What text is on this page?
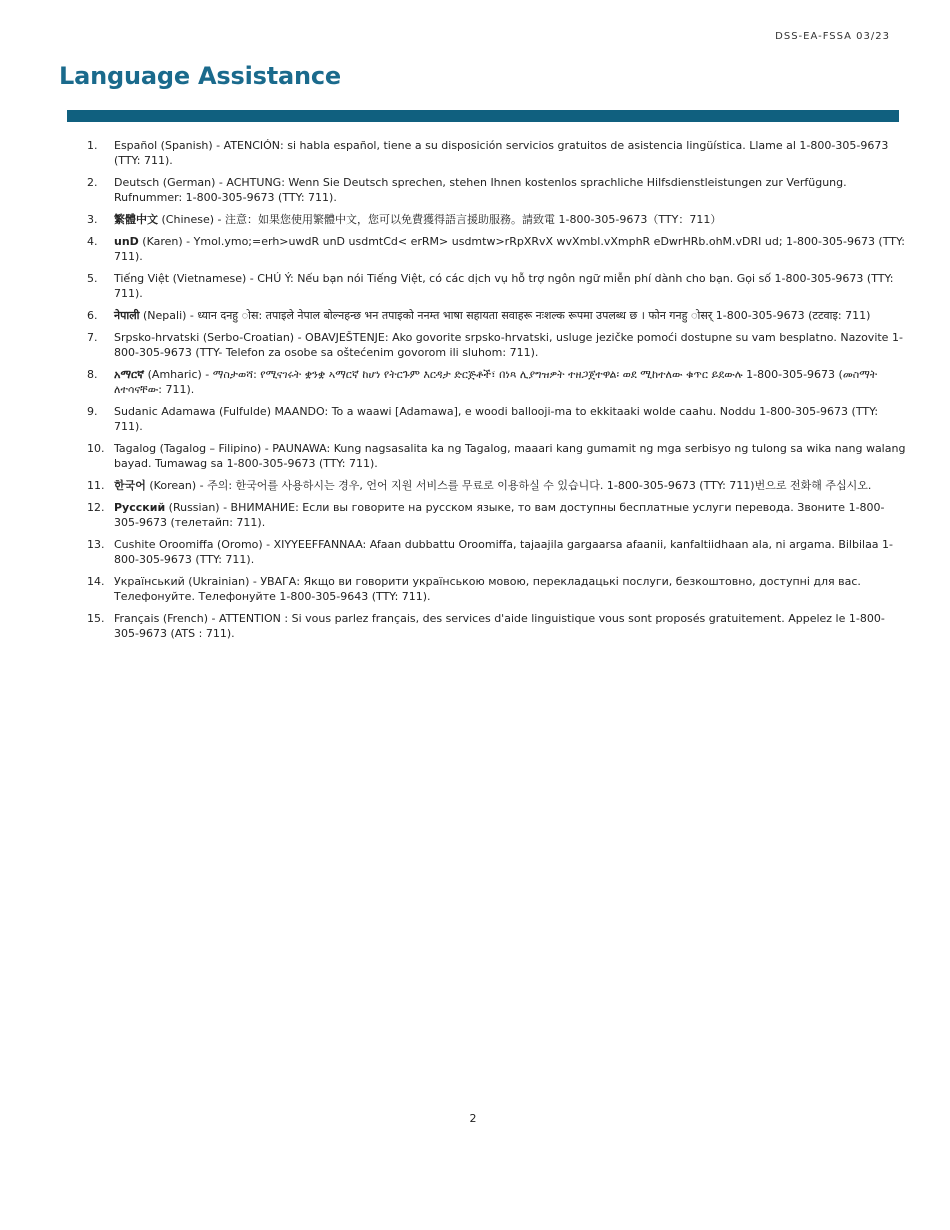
DSS-EA-FSSA 03/23
Language Assistance
1. Español (Spanish) - ATENCIÓN: si habla español, tiene a su disposición servicios gratuitos de asistencia lingüística. Llame al 1-800-305-9673 (TTY: 711).
2. Deutsch (German) - ACHTUNG: Wenn Sie Deutsch sprechen, stehen Ihnen kostenlos sprachliche Hilfsdienstleistungen zur Verfügung. Rufnummer: 1-800-305-9673 (TTY: 711).
3. 繁體中文 (Chinese) - 注意：如果您使用繁體中文，您可以免費獲得語言援助服務。請致電 1-800-305-9673（TTY：711）
4. unD (Karen) - Ymol.ymo;=erh>uwdR unD usdmtCd< erRM> usdmtw>rRpXRvX wvXmbl.vXmphR eDwrHRb.ohM.vDRI ud; 1-800-305-9673 (TTY: 711).
5. Tiếng Việt (Vietnamese) - CHÚ Ý: Nếu bạn nói Tiếng Việt, có các dịch vụ hỗ trợ ngôn ngữ miễn phí dành cho bạn. Gọi số 1-800-305-9673 (TTY: 711).
6. नेपाली (Nepali) - ध्यान दनहु ◌ोस: तपाइले नेपाल बोल्नहन्छ भन तपाइको ननम्त भाषा सहायता सवाहरू नःशल्क रूपमा उपलब्ध छ । फोन गनहु ◌ोसर् 1-800-305-9673 (टटवाइ: 711)
7. Srpsko-hrvatski (Serbo-Croatian) - OBAVJEŠTENJE: Ako govorite srpsko-hrvatski, usluge jezičke pomoći dostupne su vam besplatno. Nazovite 1-800-305-9673 (TTY- Telefon za osobe sa oštećenim govorom ili sluhom: 711).
8. አማርኛ (Amharic) - ማስታወሻ: የሚናገሩት ቋንቋ ኣማርኛ ከሆነ የትርጉም እርዳታ ድርጅቶች፣ በነጻ ሊያግዝዎት ተዘጋጀተዋል፡ ወደ ሚከተለው ቁጥር ይደውሉ 1-800-305-9673 (መስማት ለተሳናቸው: 711).
9. Sudanic Adamawa (Fulfulde) MAANDO: To a waawi [Adamawa], e woodi ballooji-ma to ekkitaaki wolde caahu. Noddu 1-800-305-9673 (TTY: 711).
10. Tagalog (Tagalog – Filipino) - PAUNAWA: Kung nagsasalita ka ng Tagalog, maaari kang gumamit ng mga serbisyo ng tulong sa wika nang walang bayad. Tumawag sa 1-800-305-9673 (TTY: 711).
11. 한국어 (Korean) - 주의: 한국어를 사용하시는 경우, 언어 지원 서비스를 무료로 이용하실 수 있습니다. 1-800-305-9673 (TTY: 711)번으로 전화해 주십시오.
12. Русский (Russian) - ВНИМАНИЕ: Если вы говорите на русском языке, то вам доступны бесплатные услуги перевода. Звоните 1-800-305-9673 (телетайп: 711).
13. Cushite Oroomiffa (Oromo) - XIYYEEFFANNAA: Afaan dubbattu Oroomiffa, tajaajila gargaarsa afaanii, kanfaltiidhaan ala, ni argama. Bilbilaa 1-800-305-9673 (TTY: 711).
14. Український (Ukrainian) - УВАГА: Якщо ви говорити українською мовою, перекладацькі послуги, безкоштовно, доступні для вас. Телефонуйте. Телефонуйте 1-800-305-9643 (TTY: 711).
15. Français (French) - ATTENTION : Si vous parlez français, des services d'aide linguistique vous sont proposés gratuitement. Appelez le 1-800-305-9673 (ATS : 711).
2
